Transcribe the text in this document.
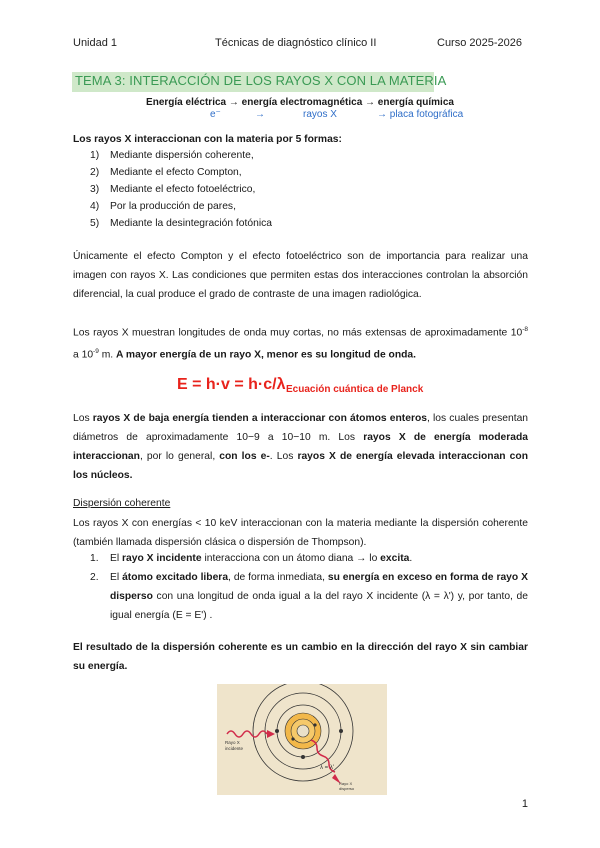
Unidad 1	Técnicas de diagnóstico clínico II	Curso 2025-2026
TEMA 3: INTERACCIÓN DE LOS RAYOS X CON LA MATERIA
Energía eléctrica → energía electromagnética → energía química
e⁻	→	rayos X	→ placa fotográfica
Los rayos X interaccionan con la materia por 5 formas:
1) Mediante dispersión coherente,
2) Mediante el efecto Compton,
3) Mediante el efecto fotoeléctrico,
4) Por la producción de pares,
5) Mediante la desintegración fotónica
Únicamente el efecto Compton y el efecto fotoeléctrico son de importancia para realizar una imagen con rayos X. Las condiciones que permiten estas dos interacciones controlan la absorción diferencial, la cual produce el grado de contraste de una imagen radiológica.
Los rayos X muestran longitudes de onda muy cortas, no más extensas de aproximadamente $10^{-8}$ a $10^{-9}$ m. A mayor energía de un rayo X, menor es su longitud de onda.
E = h·v = h·c/λ Ecuación cuántica de Planck
Los rayos X de baja energía tienden a interaccionar con átomos enteros, los cuales presentan diámetros de aproximadamente 10−9 a 10−10 m. Los rayos X de energía moderada interaccionan, por lo general, con los e-. Los rayos X de energía elevada interaccionan con los núcleos.
Dispersión coherente
Los rayos X con energías < 10 keV interaccionan con la materia mediante la dispersión coherente (también llamada dispersión clásica o dispersión de Thompson).
1. El rayo X incidente interacciona con un átomo diana → lo excita.
2. El átomo excitado libera, de forma inmediata, su energía en exceso en forma de rayo X disperso con una longitud de onda igual a la del rayo X incidente (λ = λ') y, por tanto, de igual energía (E = E') .
El resultado de la dispersión coherente es un cambio en la dirección del rayo X sin cambiar su energía.
Rayo X
incidente
λ = λ'
Rayo X
disperso
1
